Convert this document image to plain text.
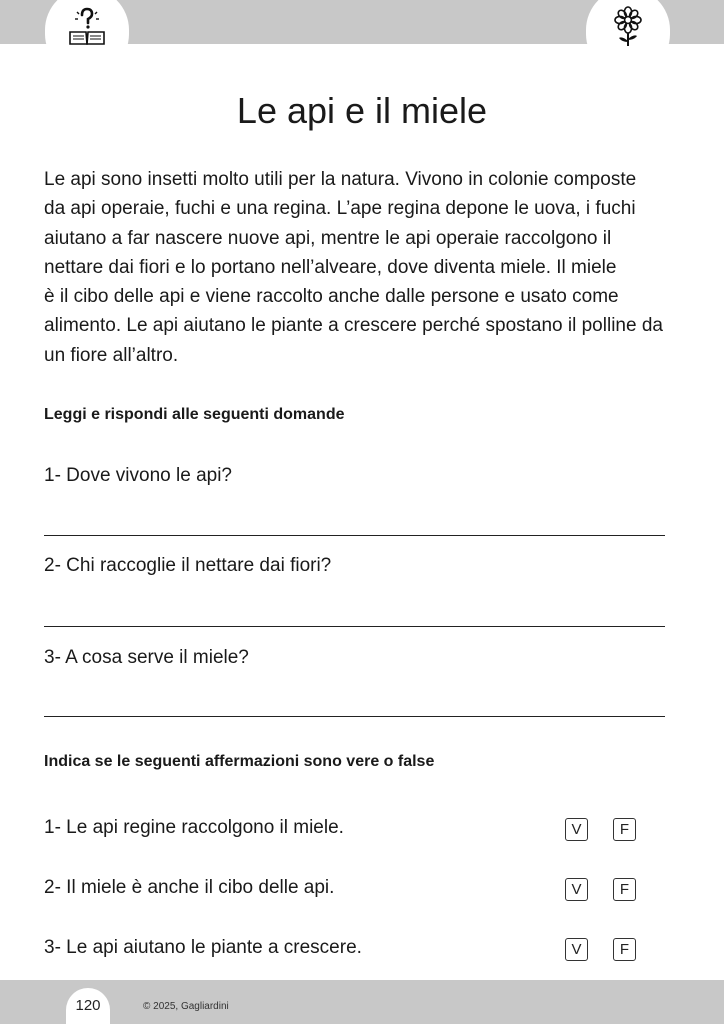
Le api e il miele
Le api sono insetti molto utili per la natura. Vivono in colonie composte
da api operaie, fuchi e una regina. L’ape regina depone le uova, i fuchi
aiutano a far nascere nuove api, mentre le api operaie raccolgono il
nettare dai fiori e lo portano nell’alveare, dove diventa miele. Il miele
è il cibo delle api e viene raccolto anche dalle persone e usato come
alimento. Le api aiutano le piante a crescere perché spostano il polline da
un fiore all’altro.
Leggi e rispondi alle seguenti domande
1- Dove vivono le api?
2- Chi raccoglie il nettare dai fiori?
3- A cosa serve il miele?
Indica se le seguenti affermazioni sono vere o false
1- Le api regine raccolgono il miele.	V	F
2- Il miele è anche il cibo delle api.	V	F
3- Le api aiutano le piante a crescere.	V	F
120	© 2025, Gagliardini
